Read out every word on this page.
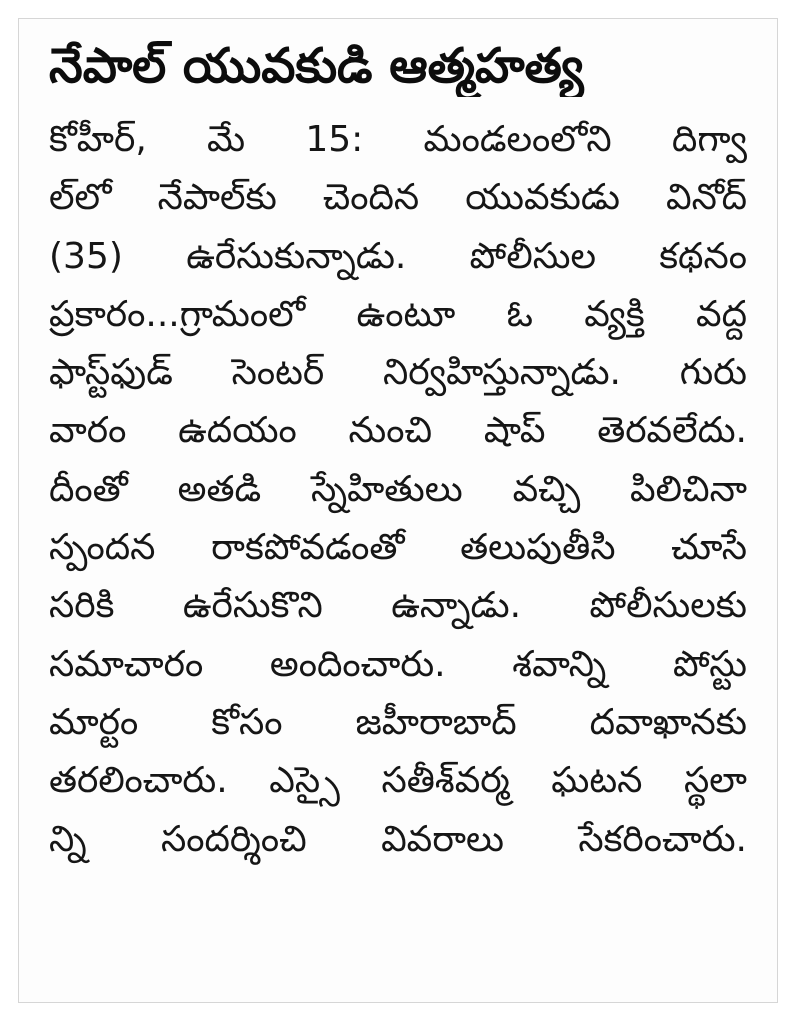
నేపాల్ యువకుడి ఆత్మహత్య
కోహీర్, మే 15: మండలంలోని దిగ్వా
ల్‌లో నేపాల్‌కు చెందిన యువకుడు వినోద్
(35) ఉరేసుకున్నాడు. పోలీసుల కథనం
ప్రకారం...గ్రామంలో ఉంటూ ఓ వ్యక్తి వద్ద
ఫాస్ట్‌ఫుడ్ సెంటర్ నిర్వహిస్తున్నాడు. గురు
వారం ఉదయం నుంచి షాప్ తెరవలేదు.
దీంతో అతడి స్నేహితులు వచ్చి పిలిచినా
స్పందన రాకపోవడంతో తలుపుతీసి చూసే
సరికి ఉరేసుకొని ఉన్నాడు. పోలీసులకు
సమాచారం అందించారు. శవాన్ని పోస్టు
మార్టం కోసం జహీరాబాద్ దవాఖానకు
తరలించారు. ఎస్సై సతీశ్‌వర్మ ఘటన స్థలా
న్ని సందర్శించి వివరాలు సేకరించారు.
